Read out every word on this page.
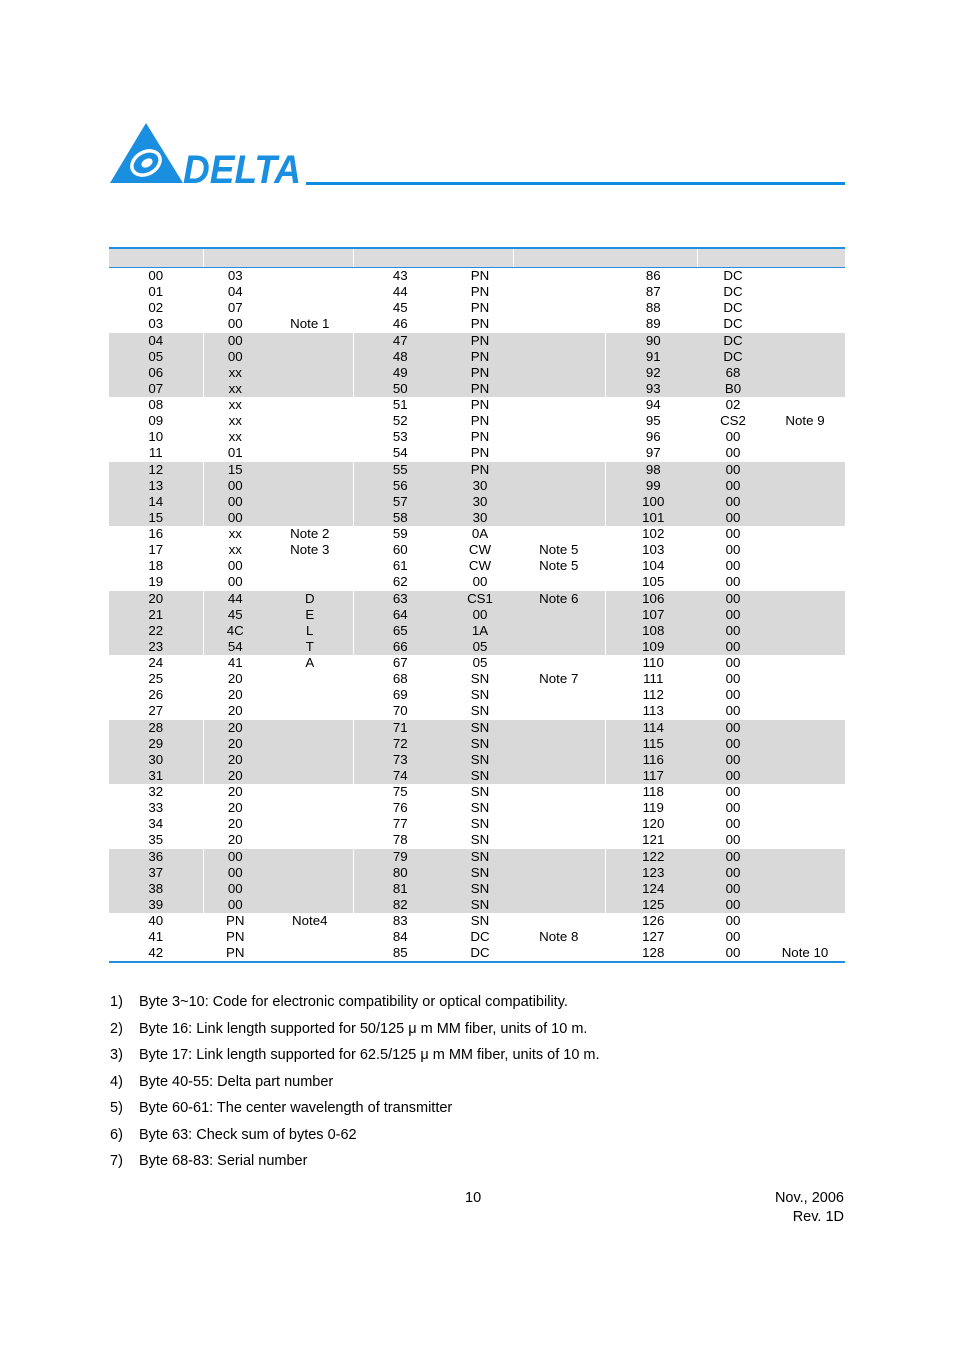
DELTA
00	03		43	PN		86	DC	
01	04		44	PN		87	DC	
02	07		45	PN		88	DC	
03	00	Note 1	46	PN		89	DC	
04	00		47	PN		90	DC	
05	00		48	PN		91	DC	
06	xx		49	PN		92	68	
07	xx		50	PN		93	B0	
08	xx		51	PN		94	02	
09	xx		52	PN		95	CS2	Note 9
10	xx		53	PN		96	00	
11	01		54	PN		97	00	
12	15		55	PN		98	00	
13	00		56	30		99	00	
14	00		57	30		100	00	
15	00		58	30		101	00	
16	xx	Note 2	59	0A		102	00	
17	xx	Note 3	60	CW	Note 5	103	00	
18	00		61	CW	Note 5	104	00	
19	00		62	00		105	00	
20	44	D	63	CS1	Note 6	106	00	
21	45	E	64	00		107	00	
22	4C	L	65	1A		108	00	
23	54	T	66	05		109	00	
24	41	A	67	05		110	00	
25	20		68	SN	Note 7	111	00	
26	20		69	SN		112	00	
27	20		70	SN		113	00	
28	20		71	SN		114	00	
29	20		72	SN		115	00	
30	20		73	SN		116	00	
31	20		74	SN		117	00	
32	20		75	SN		118	00	
33	20		76	SN		119	00	
34	20		77	SN		120	00	
35	20		78	SN		121	00	
36	00		79	SN		122	00	
37	00		80	SN		123	00	
38	00		81	SN		124	00	
39	00		82	SN		125	00	
40	PN	Note4	83	SN		126	00	
41	PN		84	DC	Note 8	127	00	
42	PN		85	DC		128	00	Note 10
1) Byte 3~10: Code for electronic compatibility or optical compatibility.
2) Byte 16: Link length supported for 50/125 μ m MM fiber, units of 10 m.
3) Byte 17: Link length supported for 62.5/125 μ m MM fiber, units of 10 m.
4) Byte 40-55: Delta part number
5) Byte 60-61: The center wavelength of transmitter
6) Byte 63: Check sum of bytes 0-62
7) Byte 68-83: Serial number
10	Nov., 2006
Rev. 1D
